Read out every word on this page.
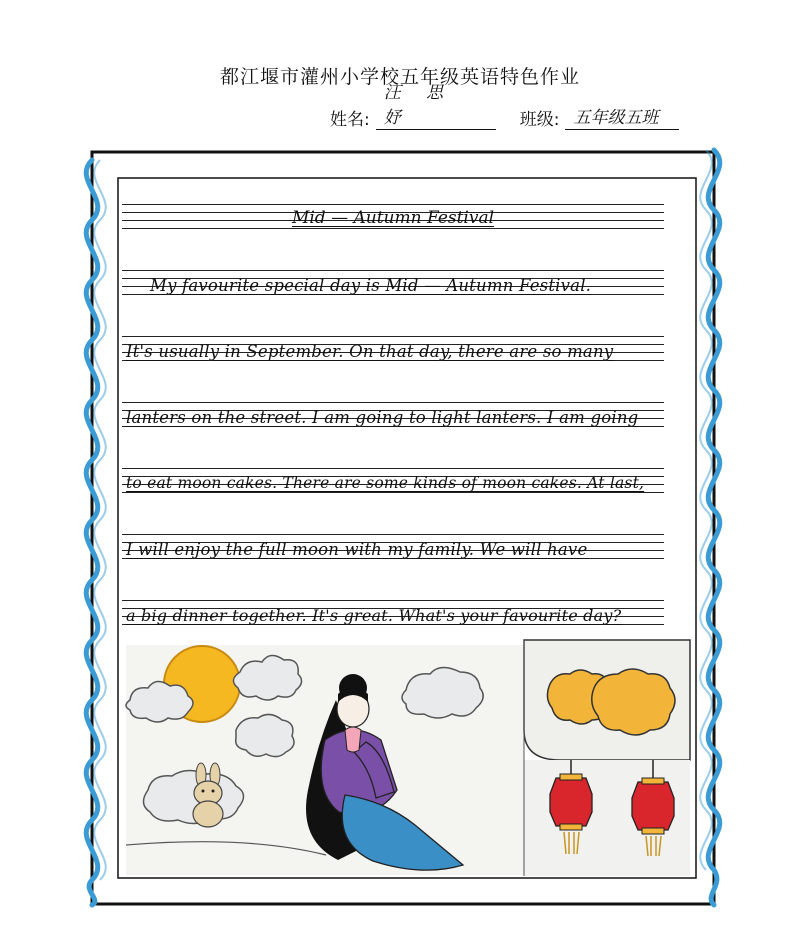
都江堰市灌州小学校五年级英语特色作业
姓名:
汪 思 妤	班级: 五年级五班
Mid — Autumn Festival
My favourite special day is Mid — Autumn Festival.
It's usually in September. On that day, there are so many
lanters on the street. I am going to light lanters. I am going
to eat moon cakes. There are some kinds of moon cakes. At last,
I will enjoy the full moon with my family. We will have
a big dinner together. It's great. What's your favourite day?
